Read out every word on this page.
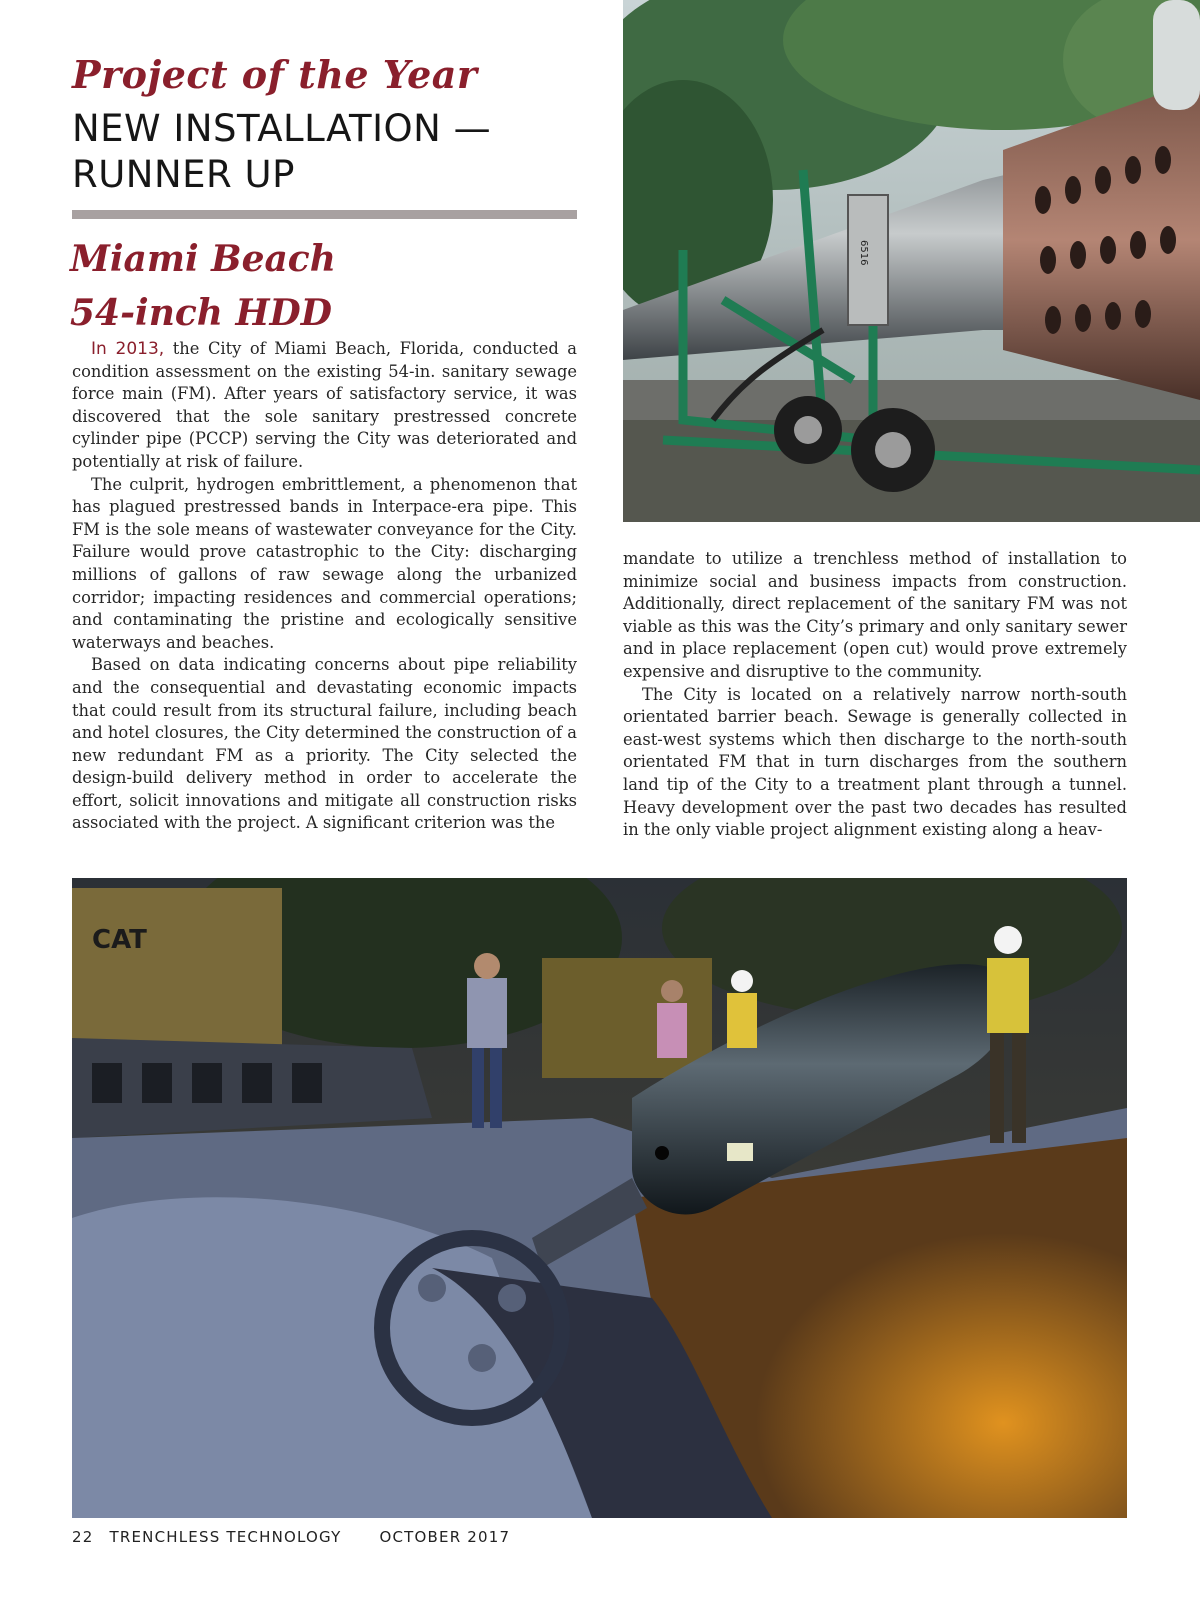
Project of the Year
NEW INSTALLATION — RUNNER UP
Miami Beach
54-inch HDD

In 2013, the City of Miami Beach, Florida, conducted a condition assessment on the existing 54-in. sanitary sewage force main (FM). After years of satisfactory service, it was discovered that the sole sanitary prestressed concrete cylinder pipe (PCCP) serving the City was deteriorated and potentially at risk of failure.

The culprit, hydrogen embrittlement, a phenomenon that has plagued prestressed bands in Interpace-era pipe. This FM is the sole means of wastewater conveyance for the City. Failure would prove catastrophic to the City: discharging millions of gallons of raw sewage along the urbanized corridor; impacting residences and commercial operations; and contaminating the pristine and ecologically sensitive waterways and beaches.

Based on data indicating concerns about pipe reliability and the consequential and devastating economic impacts that could result from its structural failure, including beach and hotel closures, the City determined the construction of a new redundant FM as a priority. The City selected the design-build delivery method in order to accelerate the effort, solicit innovations and mitigate all construction risks associated with the project. A significant criterion was the

mandate to utilize a trenchless method of installation to minimize social and business impacts from construction. Additionally, direct replacement of the sanitary FM was not viable as this was the City’s primary and only sanitary sewer and in place replacement (open cut) would prove extremely expensive and disruptive to the community.

The City is located on a relatively narrow north-south orientated barrier beach. Sewage is generally collected in east-west systems which then discharge to the north-south orientated FM that in turn discharges from the southern land tip of the City to a treatment plant through a tunnel. Heavy development over the past two decades has resulted in the only viable project alignment existing along a heav-

6516
CAT
22 TRENCHLESS TECHNOLOGY	OCTOBER 2017
